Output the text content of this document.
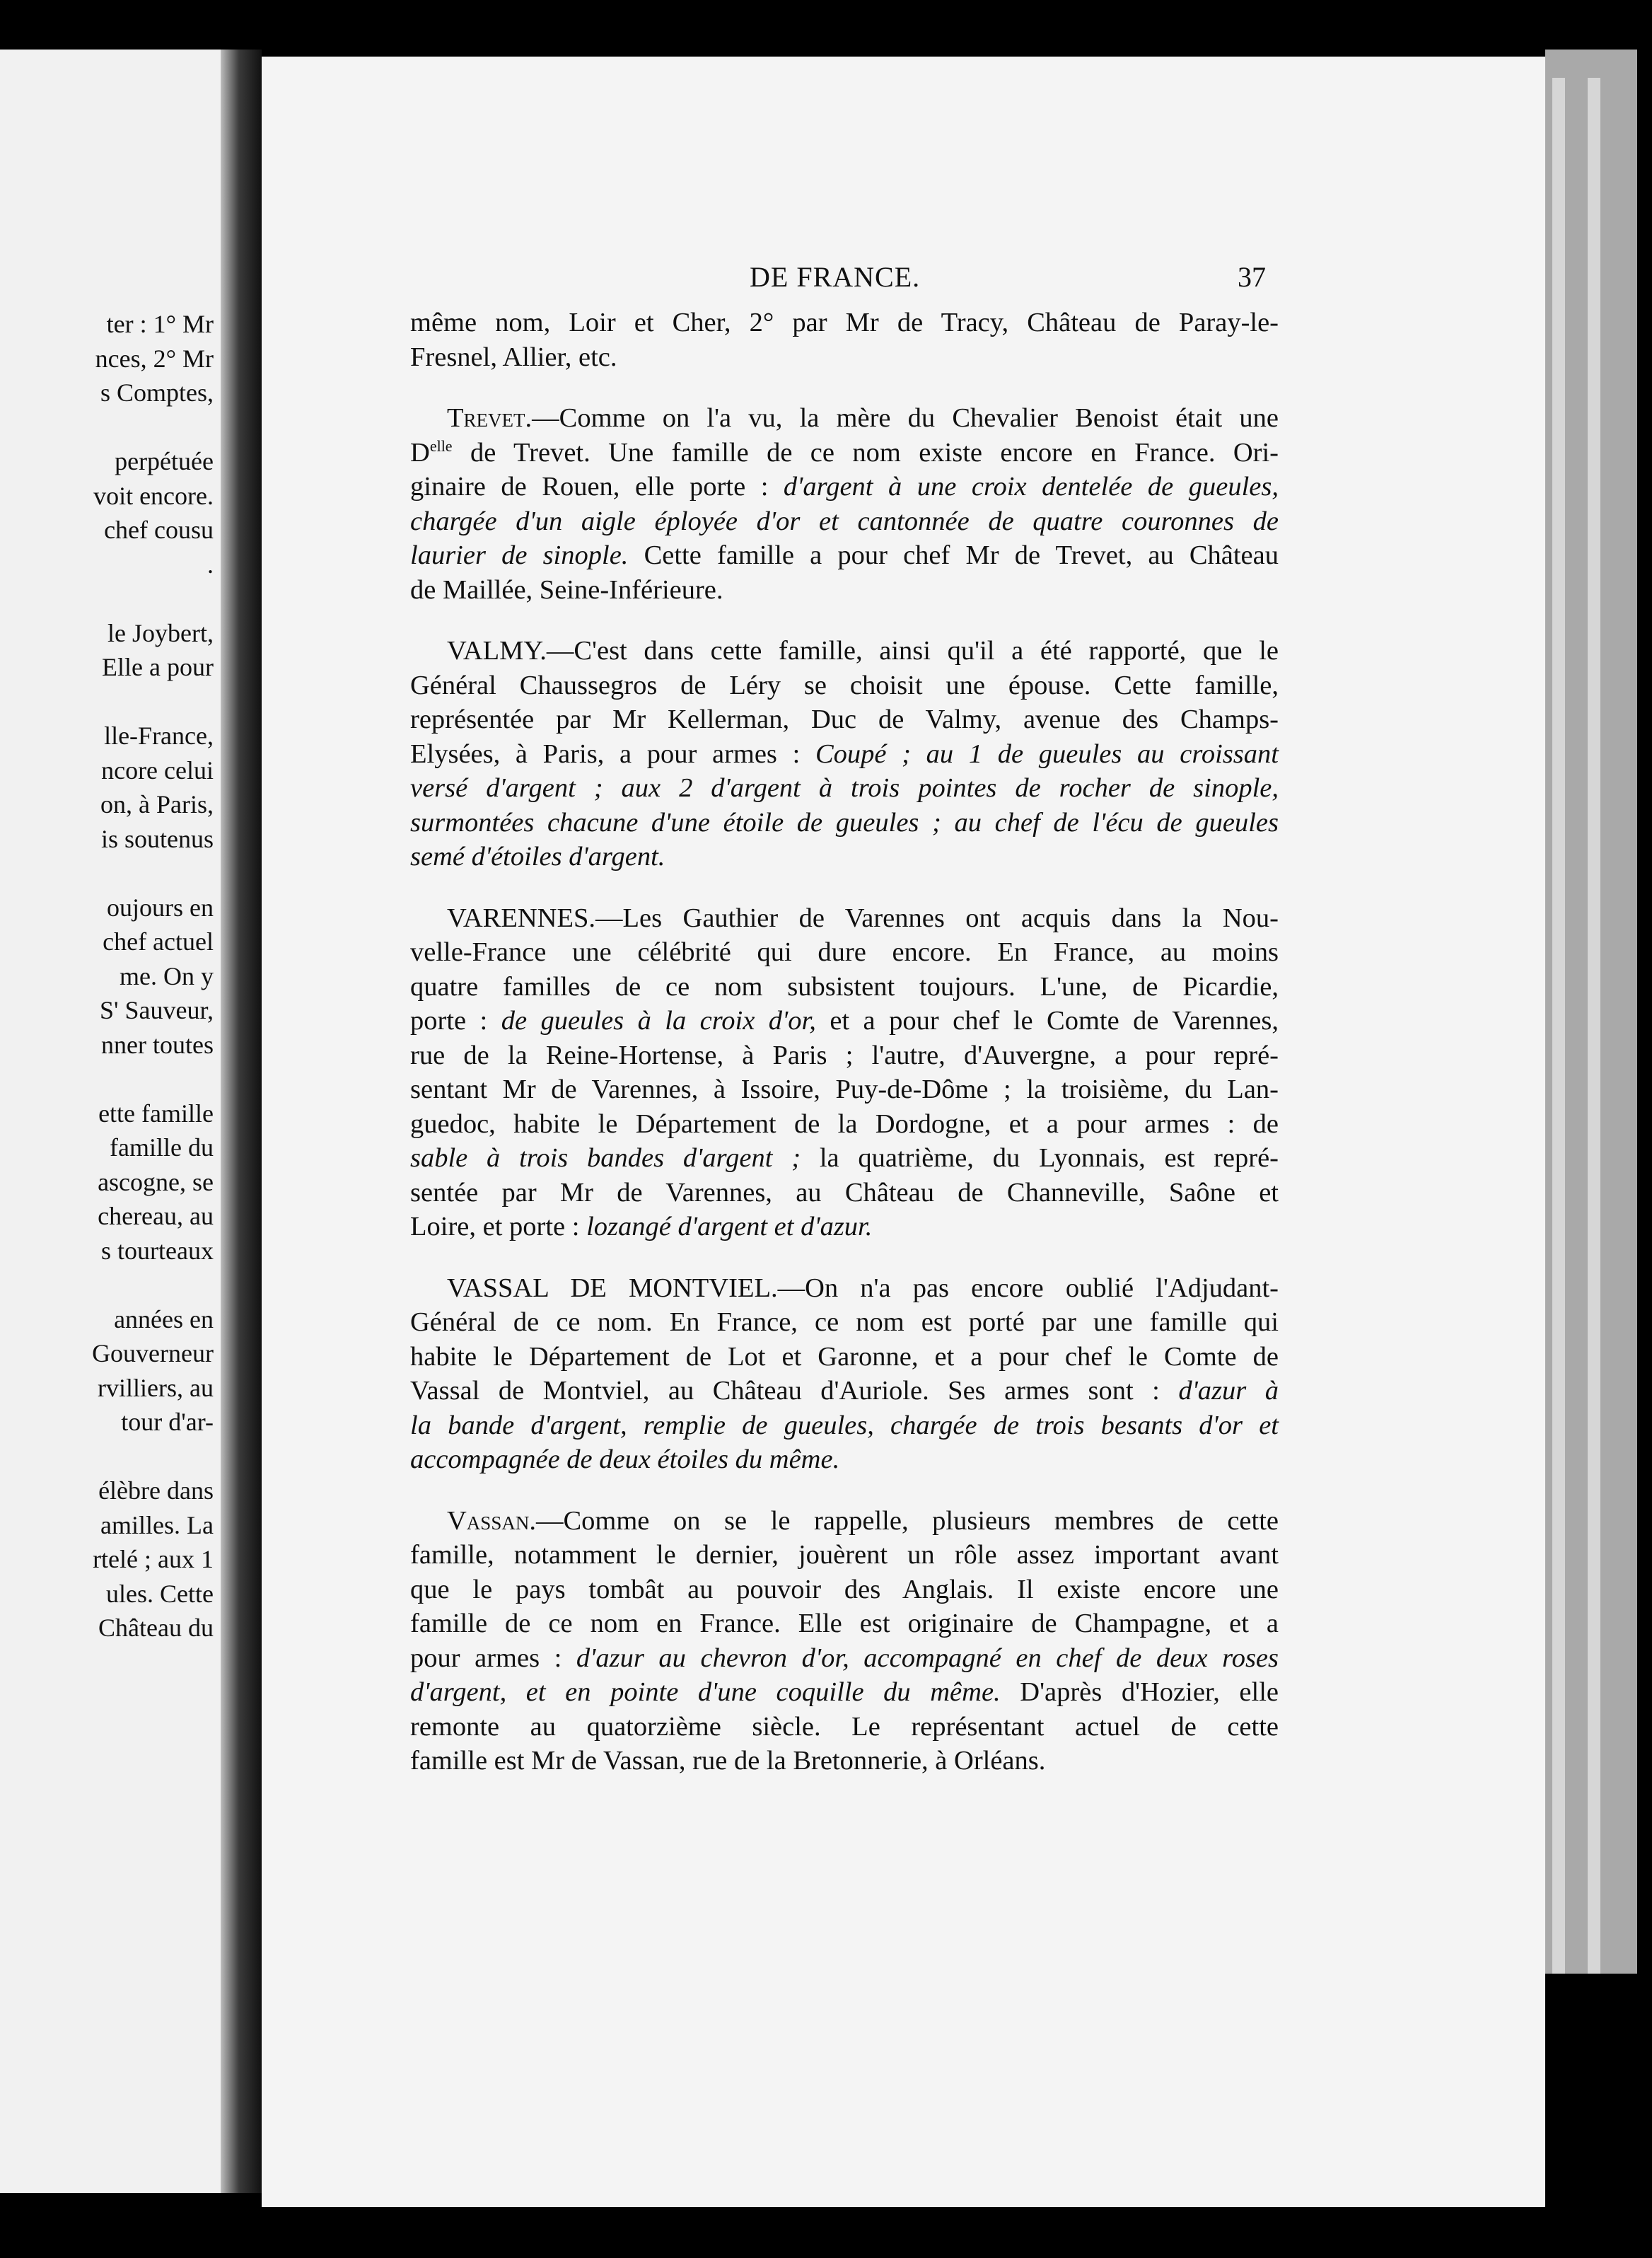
ter : 1° Mr
nces, 2° Mr
s Comptes,
perpétuée
voit encore.
chef cousu
.
le Joybert,
Elle a pour
lle-France,
ncore celui
on, à Paris,
is soutenus
oujours en
chef actuel
me. On y
S' Sauveur,
nner toutes
ette famille
famille du
ascogne, se
chereau, au
s tourteaux
années en
Gouverneur
rvilliers, au
tour d'ar-
élèbre dans
amilles. La
rtelé ; aux 1
ules. Cette
Château du
DE FRANCE.	37
même nom, Loir et Cher, 2° par Mr de Tracy, Château de Paray-le-
Fresnel, Allier, etc.
Trevet.—Comme on l'a vu, la mère du Chevalier Benoist était une
$D^{elle}$ de Trevet. Une famille de ce nom existe encore en France. Ori-
ginaire de Rouen, elle porte : d'argent à une croix dentelée de gueules,
chargée d'un aigle éployée d'or et cantonnée de quatre couronnes de
laurier de sinople. Cette famille a pour chef Mr de Trevet, au Château
de Maillée, Seine-Inférieure.
VALMY.—C'est dans cette famille, ainsi qu'il a été rapporté, que le
Général Chaussegros de Léry se choisit une épouse. Cette famille,
représentée par Mr Kellerman, Duc de Valmy, avenue des Champs-
Elysées, à Paris, a pour armes : Coupé ; au 1 de gueules au croissant
versé d'argent ; aux 2 d'argent à trois pointes de rocher de sinople,
surmontées chacune d'une étoile de gueules ; au chef de l'écu de gueules
semé d'étoiles d'argent.
VARENNES.—Les Gauthier de Varennes ont acquis dans la Nou-
velle-France une célébrité qui dure encore. En France, au moins
quatre familles de ce nom subsistent toujours. L'une, de Picardie,
porte : de gueules à la croix d'or, et a pour chef le Comte de Varennes,
rue de la Reine-Hortense, à Paris ; l'autre, d'Auvergne, a pour repré-
sentant Mr de Varennes, à Issoire, Puy-de-Dôme ; la troisième, du Lan-
guedoc, habite le Département de la Dordogne, et a pour armes : de
sable à trois bandes d'argent ; la quatrième, du Lyonnais, est repré-
sentée par Mr de Varennes, au Château de Channeville, Saône et
Loire, et porte : lozangé d'argent et d'azur.
VASSAL DE MONTVIEL.—On n'a pas encore oublié l'Adjudant-
Général de ce nom. En France, ce nom est porté par une famille qui
habite le Département de Lot et Garonne, et a pour chef le Comte de
Vassal de Montviel, au Château d'Auriole. Ses armes sont : d'azur à
la bande d'argent, remplie de gueules, chargée de trois besants d'or et
accompagnée de deux étoiles du même.
Vassan.—Comme on se le rappelle, plusieurs membres de cette
famille, notamment le dernier, jouèrent un rôle assez important avant
que le pays tombât au pouvoir des Anglais. Il existe encore une
famille de ce nom en France. Elle est originaire de Champagne, et a
pour armes : d'azur au chevron d'or, accompagné en chef de deux roses
d'argent, et en pointe d'une coquille du même. D'après d'Hozier, elle
remonte au quatorzième siècle. Le représentant actuel de cette
famille est Mr de Vassan, rue de la Bretonnerie, à Orléans.
